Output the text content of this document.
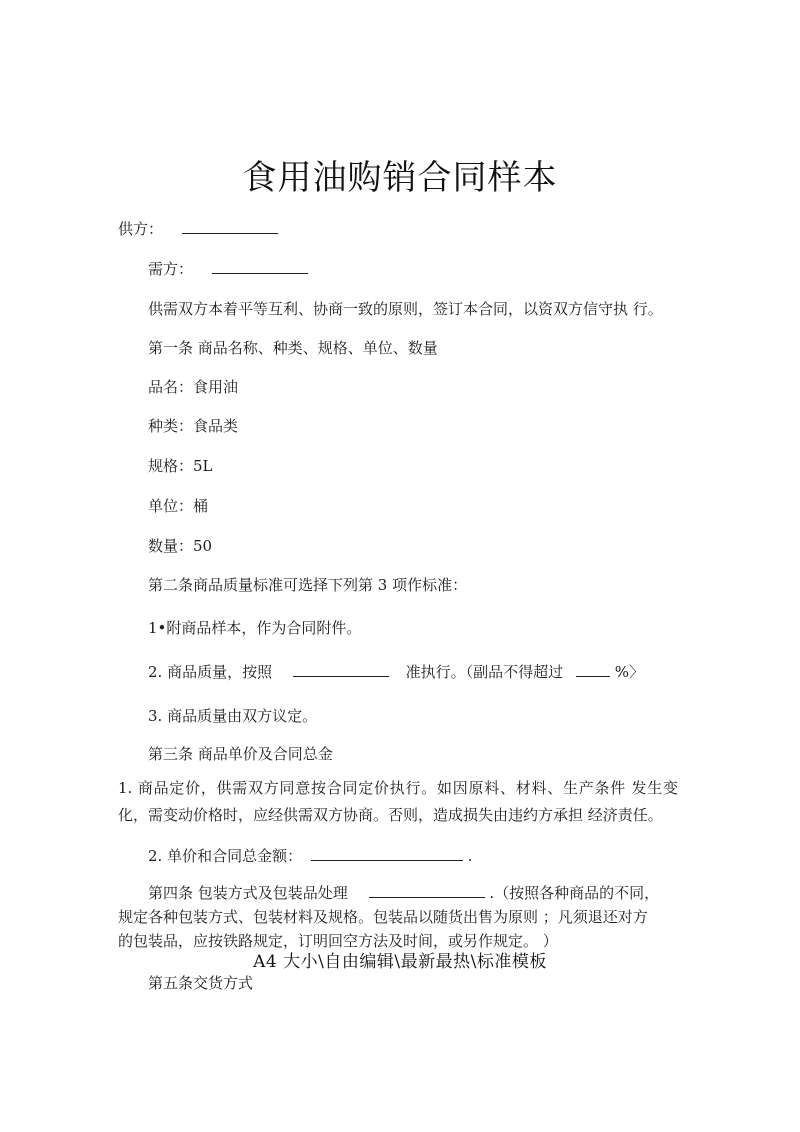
食用油购销合同样本
供方：
需方：
供需双方本着平等互利、协商一致的原则，签订本合同，以资双方信守执 行。
第一条 商品名称、种类、规格、单位、数量
品名：食用油
种类：食品类
规格：5L
单位：桶
数量：50
第二条商品质量标准可选择下列第 3 项作标准：
1•附商品样本，作为合同附件。
2. 商品质量，按照	准执行。（副品不得超过	%〉
3. 商品质量由双方议定。
第三条 商品单价及合同总金
1. 商品定价，供需双方同意按合同定价执行。如因原料、材料、生产条件 发生变化，需变动价格时，应经供需双方协商。否则，造成损失由违约方承担 经济责任。
2. 单价和合同总金额：	.
第四条 包装方式及包装品处理	.（按照各种商品的不同，
规定各种包装方式、包装材料及规格。包装品以随货出售为原则 ；凡须退还对方
的包装品，应按铁路规定，订明回空方法及时间，或另作规定。 ）
A4 大小\自由编辑\最新最热\标准模板
第五条交货方式
